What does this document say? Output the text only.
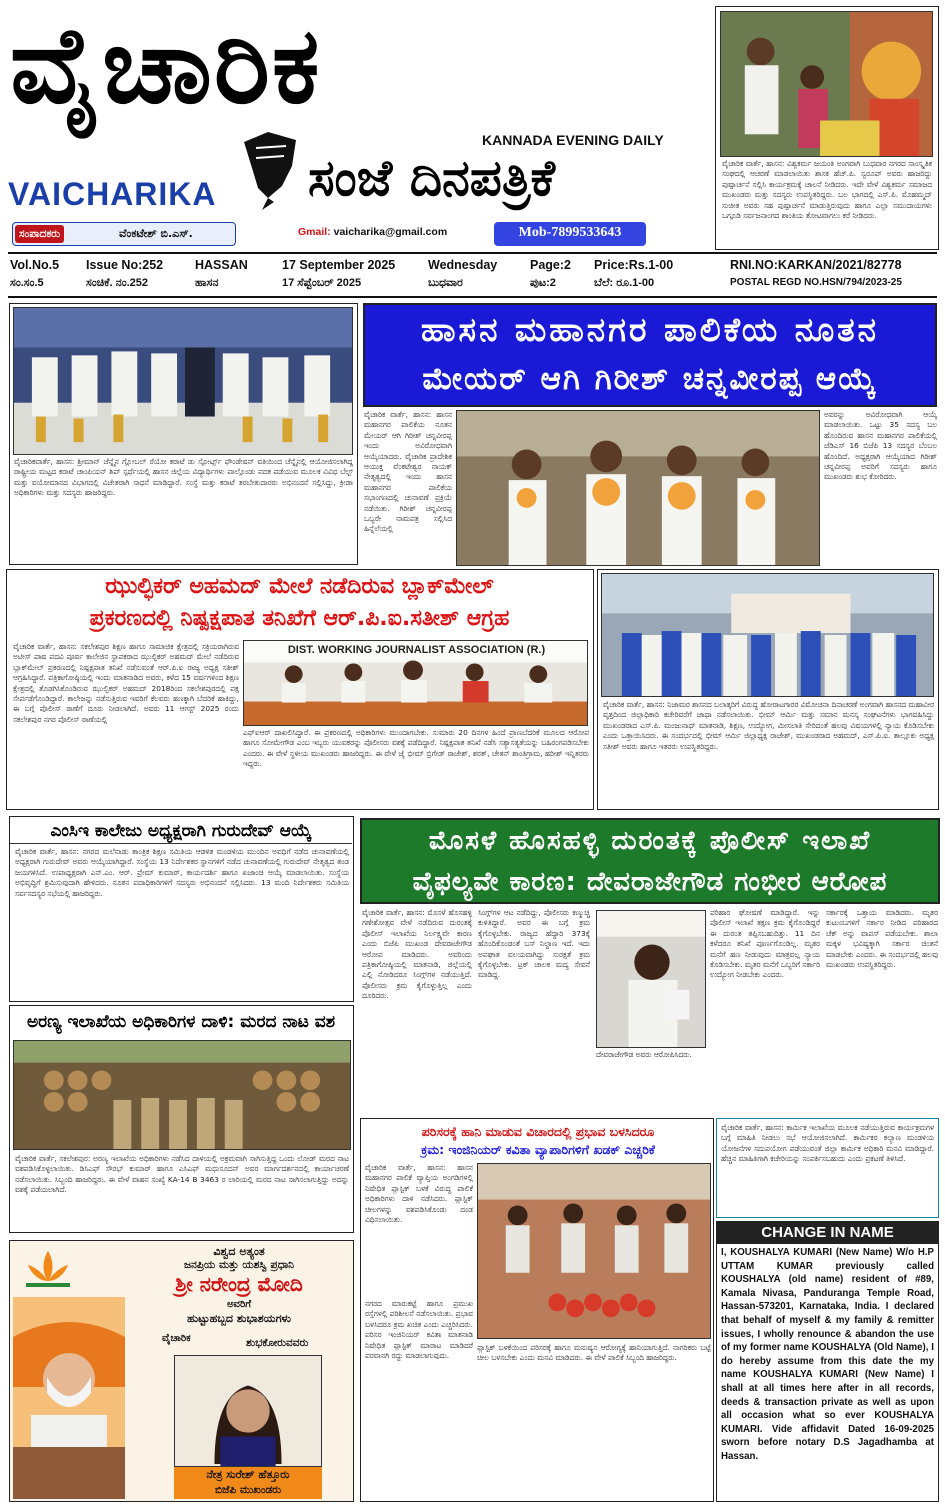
ವೈಚಾರಿಕ
KANNADA EVENING DAILY
VAICHARIKA ಸಂಜೆ ದಿನಪತ್ರಿಕೆ
ಸಂಪಾದಕರು	ವೆಂಕಟೇಶ್ ಬಿ.ಎಸ್.	Gmail: vaicharika@gmail.com	Mob-7899533643
ವೈಚಾರಿಕ ವಾರ್ತೆ, ಹಾಸನ: ವಿಶ್ವಕರ್ಮ ಜಯಂತಿ ಅಂಗವಾಗಿ ಬುಧವಾರ ನಗರದ ಸಾಂಸ್ಕೃತಿಕ ಸಂಘದಲ್ಲಿ ಆಚರಣೆ ಮಾಡಲಾಯಿತು ಶಾಸಕ ಹೆಚ್.ಪಿ. ಸ್ವರೂಪ್ ಅವರು ಹಾಜರಿದ್ದು ಪುಷ್ಪಾರ್ಚನೆ ಸಲ್ಲಿಸಿ ಕಾರ್ಯಕ್ರಮಕ್ಕೆ ಚಾಲನೆ ನೀಡಿದರು. ಇದೇ ವೇಳೆ ವಿಶ್ವಕರ್ಮ ಸಮಾಜದ ಮುಖಂಡರು ಮತ್ತು ಸದಸ್ಯರು ಉಪಸ್ಥಿತರಿದ್ದರು. ಬಲ ಭಾಗದಲ್ಲಿ ಎಸ್.ಪಿ. ಮೊಹಮ್ಮದ್ ಸುಜೀತ ಅವರು ಸಹ ಪುಷ್ಪಾರ್ಚನೆ ಮಾಡುತ್ತಿರುವುದು ಹಾಗೂ ಎಲ್ಲಾ ಸಮುದಾಯಗಳು ಒಗ್ಗೂಡಿ ಸರ್ವಜನಾಂಗದ ಶಾಂತಿಯ ತೋಟವಾಗಲು ಕರೆ ನೀಡಿದರು.
Vol.No.5 Issue No:252	HASSAN	17 September 2025	Wednesday	Page:2 Price:Rs.1-00	RNI.NO:KARKAN/2021/82778
ಸಂ.ಸಂ.5	ಸಂಚಿಕೆ. ನಂ.252	ಹಾಸನ	17 ಸೆಪ್ಟೆಂಬರ್ 2025	ಬುಧವಾರ	ಪುಟ:2	ಬೆಲೆ: ರೂ.1-00	POSTAL REGD NO.HSN/794/2023-25
ವೈಚಾರಿಕವಾರ್ತೆ, ಹಾಸನ: ಶ್ರೀಮಾನ್ ಚೆನ್ನೈನ ಗ್ಲೋಬಲ್ ರೆಯೋ ಕರಾಟೆ ಡು ಸ್ಪೋರ್ಟ್ಸ್ ಫೌಂಡೇಷನ್ ವತಿಯಿಂದ ಚೆನ್ನೈನಲ್ಲಿ ಆಯೋಜಿಸಲಾಗಿದ್ದ ರಾಷ್ಟ್ರೀಯ ಮಟ್ಟದ ಕರಾಟೆ ಚಾಂಪಿಯನ್ ಶಿಪ್ ಸ್ಪರ್ಧೆಯಲ್ಲಿ ಹಾಸನ ಜಿಲ್ಲೆಯ ವಿದ್ಯಾರ್ಥಿಗಳು ಪಾಲ್ಗೊಂಡು ಪದಕ ಪಡೆಯುವ ಮೂಲಕ ವಿವಿಧ ಬೆಲ್ಟ್ ಮತ್ತು ವಯೋಮಾನದ ವಿಭಾಗದಲ್ಲಿ ವಿಜೇತರಾಗಿ ಸಾಧನೆ ಮಾಡಿದ್ದಾರೆ. ಸಂಸ್ಥೆ ಮತ್ತು ಕರಾಟೆ ತರಬೇತುದಾರರು ಅಭಿನಂದನೆ ಸಲ್ಲಿಸಿದ್ದು, ಕ್ರೀಡಾ ಅಧಿಕಾರಿಗಳು ಮತ್ತು ಸದಸ್ಯರು ಹಾಜರಿದ್ದರು.
ಹಾಸನ ಮಹಾನಗರ ಪಾಲಿಕೆಯ ನೂತನ
ಮೇಯರ್ ಆಗಿ ಗಿರೀಶ್ ಚನ್ನವೀರಪ್ಪ ಆಯ್ಕೆ
ವೈಚಾರಿಕ ವಾರ್ತೆ, ಹಾಸನ: ಹಾಸನ ಮಹಾನಗರ ಪಾಲಿಕೆಯ ನೂತನ ಮೇಯರ್ ಆಗಿ ಗಿರೀಶ್ ಚನ್ನವೀರಪ್ಪ ಇಂದು ಅವಿರೋಧವಾಗಿ ಆಯ್ಕೆಯಾದರು. ವೈಚಾರಿಕ ಪ್ರಾದೇಶಿಕ ಆಯುಕ್ತ ವೆಂಕಟೇಶ್ವರ ನಾಯಕ್ ನೇತೃತ್ವದಲ್ಲಿ ಇಂದು ಹಾಸನ ಮಹಾನಗರ ಪಾಲಿಕೆಯ ಸಭಾಂಗಣದಲ್ಲಿ ಚುನಾವಣೆ ಪ್ರಕ್ರಿಯೆ ನಡೆಯಿತು. ಗಿರೀಶ್ ಚನ್ನವೀರಪ್ಪ ಒಬ್ಬರೇ ನಾಮಪತ್ರ ಸಲ್ಲಿಸಿದ ಹಿನ್ನೆಲೆಯಲ್ಲಿ
ಅವರನ್ನು ಅವಿರೋಧವಾಗಿ ಆಯ್ಕೆ ಮಾಡಲಾಯಿತು. ಒಟ್ಟು 35 ಸದಸ್ಯ ಬಲ ಹೊಂದಿರುವ ಹಾಸನ ಮಹಾನಗರ ಪಾಲಿಕೆಯಲ್ಲಿ ಜೆಡಿಎಸ್ 16 ಬಿಜೆಪಿ 13 ಸದಸ್ಯರ ಬೆಂಬಲ ಹೊಂದಿದೆ. ಅಧ್ಯಕ್ಷರಾಗಿ ಆಯ್ಕೆಯಾದ ಗಿರೀಶ್ ಚನ್ನವೀರಪ್ಪ ಅವರಿಗೆ ಸದಸ್ಯರು ಹಾಗೂ ಮುಖಂಡರು ಶುಭ ಕೋರಿದರು.
ಝುಲ್ಫಿಕರ್ ಅಹಮದ್ ಮೇಲೆ ನಡೆದಿರುವ ಬ್ಲಾಕ್‌ಮೇಲ್
ಪ್ರಕರಣದಲ್ಲಿ ನಿಷ್ಪಕ್ಷಪಾತ ತನಿಖೆಗೆ ಆರ್.ಪಿ.ಐ.ಸತೀಶ್ ಆಗ್ರಹ
ವೈಚಾರಿಕ ವಾರ್ತೆ, ಹಾಸನ: ಸಕಲೇಶಪುರ ಶಿಕ್ಷಣ ಹಾಗೂ ಸಾಮಾಜಿಕ ಕ್ಷೇತ್ರದಲ್ಲಿ ಸಕ್ರಿಯರಾಗಿರುವ ಅಟೀಸ್ ಪಾಷ ಪದವಿ ಪೂರ್ವ ಕಾಲೇಜಿನ ಸ್ಥಾಪಕರಾದ ಝುಲ್ಫಿಕರ್ ಅಹಮದ್ ಮೇಲೆ ನಡೆದಿರುವ ಬ್ಲಾಕ್‌ಮೇಲ್ ಪ್ರಕರಣದಲ್ಲಿ ನಿಷ್ಪಕ್ಷಪಾತ ತನಿಖೆ ನಡೆಸುವಂತೆ ಆರ್.ಪಿ.ಐ ರಾಜ್ಯ ಅಧ್ಯಕ್ಷ ಸತೀಶ್ ಆಗ್ರಹಿಸಿದ್ದಾರೆ. ಪತ್ರಿಕಾಗೋಷ್ಠಿಯಲ್ಲಿ ಇಂದು ಮಾತನಾಡಿದ ಅವರು, ಕಳೆದ 15 ವರ್ಷಗಳಿಂದ ಶಿಕ್ಷಣ ಕ್ಷೇತ್ರದಲ್ಲಿ ತೊಡಗಿಸಿಕೊಂಡಿರುವ ಝುಲ್ಫಿಕರ್ ಅಹಮದ್ 2018ರಿಂದ ಸಕಲೇಶಪುರದಲ್ಲಿ ಪಕ್ಷ ಸೇರ್ಪಡೆಗೊಂಡಿದ್ದಾರೆ. ಕಾಲೇಜನ್ನು ನಡೆಸುತ್ತಿರುವ ಇವರಿಗೆ ಕೆಲವರು ಹಣಕ್ಕಾಗಿ ಬೆದರಿಕೆ ಹಾಕಿದ್ದು, ಈ ಬಗ್ಗೆ ಪೊಲೀಸ್ ಠಾಣೆಗೆ ದೂರು ನೀಡಲಾಗಿದೆ. ಅವರು 11 ಆಗಸ್ಟ್ 2025 ರಂದು ಸಕಲೇಶಪುರ ನಗರ ಪೊಲೀಸ್ ಠಾಣೆಯಲ್ಲಿ
DIST. WORKING JOURNALIST ASSOCIATION (R.)
ಎಫ್ಐಆರ್ ದಾಖಲಿಸಿದ್ದಾರೆ. ಈ ಪ್ರಕರಣದಲ್ಲಿ ಅಧಿಕಾರಿಗಳು ಮುಂದಾಗಬೇಕು. ಸುಮಾರು 20 ದಿನಗಳ ಹಿಂದೆ ಪ್ರಾಣಬೆದರಿಕೆ ಮೂಲದ ಆರೋಪ ಹಾಗೂ ಸೋಮೇಗೌಡ ಎಂಬ ಇಬ್ಬರು ಯುವಕರನ್ನು ಪೊಲೀಸರು ವಶಕ್ಕೆ ಪಡೆದಿದ್ದಾರೆ. ನಿಷ್ಪಕ್ಷಪಾತ ತನಿಖೆ ನಡೆಸಿ ಸತ್ಯಾಸತ್ಯತೆಯನ್ನು ಬಹಿರಂಗಪಡಿಸಬೇಕು ಎಂದರು. ಈ ವೇಳೆ ಸ್ಥಳೀಯ ಮುಖಂಡರು ಹಾಜರಿದ್ದರು. ಈ ವೇಳೆ ಜೈ ಭೀಮ್ ಬ್ರಿಗೇಡ್ ರಾಜೇಶ್, ಶರತ್, ಚೇತನ್ ಶಾಂತಿಗ್ರಾಮ, ಹರೀಶ್ ಇನ್ನಿತರರು ಇದ್ದರು.
ವೈಚಾರಿಕ ವಾರ್ತೆ, ಹಾಸನ: ನಿಜಾಮರ ಶಾಸನದ ಬಲಾತ್ಕರಿಗೆ ವಿರುದ್ಧ ಹೋರಾಟಗಾರರ ವಿಮೋಚನಾ ದಿನಾಚರಣೆ ಅಂಗವಾಗಿ ಹಾಸನದ ಮಹಾವೀರ ವೃತ್ತದಿಂದ ಜಿಲ್ಲಾಧಿಕಾರಿ ಕಚೇರಿವರೆಗೆ ಜಾಥಾ ನಡೆಸಲಾಯಿತು. ಭೀಮ್ ಆರ್ಮಿ ಮತ್ತು ಸಮಾನ ಮನಸ್ಕ ಸಂಘಟನೆಗಳು ಭಾಗವಹಿಸಿದ್ದು ಮುಖಂಡರಾದ ಎಸ್.ಪಿ. ಮಂಜುನಾಥ್ ಮಾತನಾಡಿ, ಶಿಕ್ಷಣ, ಉದ್ಯೋಗ, ಮೀಸಲಾತಿ ಸೇರಿದಂತೆ ಹಲವು ವಿಷಯಗಳಲ್ಲಿ ನ್ಯಾಯ ಕೊಡಿಸಬೇಕು ಎಂದು ಒತ್ತಾಯಿಸಿದರು. ಈ ಸಂದರ್ಭದಲ್ಲಿ ಭೀಮ್ ಆರ್ಮಿ ಜಿಲ್ಲಾಧ್ಯಕ್ಷ ರಾಜೇಶ್, ಮುಖಂಡರಾದ ಅಹಮದ್, ಎಸ್.ಪಿ.ಐ. ತಾಲ್ಲೂಕು ಅಧ್ಯಕ್ಷ ಸತೀಶ್ ಅವರು ಹಾಗೂ ಇತರರು ಉಪಸ್ಥಿತರಿದ್ದರು.
ಎಂಸಿಇ ಕಾಲೇಜು ಅಧ್ಯಕ್ಷರಾಗಿ ಗುರುದೇವ್ ಆಯ್ಕೆ
ವೈಚಾರಿಕ ವಾರ್ತೆ, ಹಾಸನ: ನಗರದ ಮಲೆನಾಡು ತಾಂತ್ರಿಕ ಶಿಕ್ಷಣ ಸಮಿತಿಯ ಆಡಳಿತ ಮಂಡಳಿಯ ಮುಂದಿನ ಅವಧಿಗೆ ನಡೆದ ಚುನಾವಣೆಯಲ್ಲಿ ಅಧ್ಯಕ್ಷರಾಗಿ ಗುರುದೇವ್ ಅವರು ಆಯ್ಕೆಯಾಗಿದ್ದಾರೆ. ಸಂಸ್ಥೆಯ 13 ನಿರ್ದೇಶಕರ ಸ್ಥಾನಗಳಿಗೆ ನಡೆದ ಚುನಾವಣೆಯಲ್ಲಿ ಗುರುದೇವ್ ನೇತೃತ್ವದ ತಂಡ ಜಯಗಳಿಸಿದೆ. ಉಪಾಧ್ಯಕ್ಷರಾಗಿ ಎನ್.ಎಂ. ಆರ್. ಪ್ರೇಮ್ ಕುಮಾರ್, ಕಾರ್ಯದರ್ಶಿ ಹಾಗೂ ಖಜಾಂಚಿ ಆಯ್ಕೆ ಮಾಡಲಾಯಿತು. ಸಂಸ್ಥೆಯ ಅಭಿವೃದ್ಧಿಗೆ ಶ್ರಮಿಸುವುದಾಗಿ ಹೇಳಿದರು. ನೂತನ ಪದಾಧಿಕಾರಿಗಳಿಗೆ ಸದಸ್ಯರು ಅಭಿನಂದನೆ ಸಲ್ಲಿಸಿದರು. 13 ಮಂದಿ ನಿರ್ದೇಶಕರು ಸಮಿತಿಯ ಸರ್ವಸದಸ್ಯರ ಸಭೆಯಲ್ಲಿ ಹಾಜರಿದ್ದರು.
ಅರಣ್ಯ ಇಲಾಖೆಯ ಅಧಿಕಾರಿಗಳ ದಾಳಿ: ಮರದ ನಾಟ ವಶ
ವೈಚಾರಿಕ ವಾರ್ತೆ, ಸಕಲೇಶಪುರ: ಅರಣ್ಯ ಇಲಾಖೆಯ ಅಧಿಕಾರಿಗಳು ನಡೆಸಿದ ದಾಳಿಯಲ್ಲಿ ಅಕ್ರಮವಾಗಿ ಸಾಗಿಸುತ್ತಿದ್ದ ಒಂದು ಲೋಡ್ ಮರದ ನಾಟ ವಶಪಡಿಸಿಕೊಳ್ಳಲಾಯಿತು. ಡಿಸಿಎಫ್ ಸೌರಭ್ ಕುಮಾರ್ ಹಾಗೂ ಎಸಿಎಫ್ ಮಧುಸೂದನ್ ಅವರ ಮಾರ್ಗದರ್ಶನದಲ್ಲಿ ಕಾರ್ಯಾಚರಣೆ ನಡೆಸಲಾಯಿತು. ಸಿಬ್ಬಂದಿ ಹಾಜರಿದ್ದರು. ಈ ವೇಳೆ ವಾಹನ ಸಂಖ್ಯೆ KA-14 B 3463 ರ ಲಾರಿಯಲ್ಲಿ ಮರದ ನಾಟ ಸಾಗಿಸಲಾಗುತ್ತಿದ್ದು ಅದನ್ನು ವಶಕ್ಕೆ ಪಡೆಯಲಾಗಿದೆ.
ವಿಶ್ವದ ಅತ್ಯಂತ
ಜನಪ್ರಿಯ ಮತ್ತು ಯಶಸ್ವಿ ಪ್ರಧಾನಿ
ಶ್ರೀ ನರೇಂದ್ರ ಮೋದಿ
ಅವರಿಗೆ
ಹುಟ್ಟುಹಬ್ಬದ ಶುಭಾಶಯಗಳು
ವೈಚಾರಿಕ	ಶುಭಕೋರುವವರು
ನೇತ್ರ ಸುರೇಶ್ ಹೆತ್ತೂರು
ಬಿಜೆಪಿ ಮುಖಂಡರು
ಮೊಸಳೆ ಹೊಸಹಳ್ಳಿ ದುರಂತಕ್ಕೆ ಪೊಲೀಸ್ ಇಲಾಖೆ
ವೈಫಲ್ಯವೇ ಕಾರಣ: ದೇವರಾಜೇಗೌಡ ಗಂಭೀರ ಆರೋಪ
ವೈಚಾರಿಕ ವಾರ್ತೆ, ಹಾಸನ: ಮೊಸಳೆ ಹೊಸಹಳ್ಳಿ ಗಣೇಶೋತ್ಸವ ವೇಳೆ ನಡೆದಿರುವ ದುರಂತಕ್ಕೆ ಪೊಲೀಸ್ ಇಲಾಖೆಯ ನಿರ್ಲಕ್ಷ್ಯವೇ ಕಾರಣ ಎಂದು ಬಿಜೆಪಿ ಮುಖಂಡ ದೇವರಾಜೇಗೌಡ ಆರೋಪ ಮಾಡಿದರು. ಅವರಿಂದು ಪತ್ರಿಕಾಗೋಷ್ಠಿಯಲ್ಲಿ ಮಾತನಾಡಿ, ಜಿಲ್ಲೆಯಲ್ಲಿ ಎಲ್ಲಿ ನೋಡಿದರೂ ಸಿಂಗ್ಲ್‌ಗಳ ನಡೆಯುತ್ತಿದೆ. ಪೊಲೀಸರು ಕ್ರಮ ಕೈಗೊಳ್ಳುತ್ತಿಲ್ಲ ಎಂದು ದೂರಿದರು.
ಸಿಂಗ್ಲ್‌ಗಳ ಆಟ ನಡೆದಿದ್ದು, ಪೊಲೀಸರು ಕಣ್ಮುಚ್ಚಿ ಕುಳಿತಿದ್ದಾರೆ. ಅವರ ಈ ಬಗ್ಗೆ ಕ್ರಮ ಕೈಗೊಳ್ಳಬೇಕು. ರಾಜ್ಯದ ಹೆದ್ದಾರಿ 373ಕ್ಕೆ ಹೊಂದಿಕೊಂಡಂತೆ ಬಸ್ ನಿಲ್ದಾಣ ಇದೆ. ಇದು ಅಪಘಾತ ವಲಯವಾಗಿದ್ದು ಸುರಕ್ಷತೆ ಕ್ರಮ ಕೈಗೊಳ್ಳಬೇಕು. ಟ್ರಕ್ ಚಾಲಕ ಮದ್ಯ ಸೇವನೆ ಮಾಡಿದ್ದ.
ದೇವರಾಜೇಗೌಡ ಅವರು ಆರೋಪಿಸಿದರು.
ಪರಿಹಾರ ಘೋಷಣೆ ಮಾಡಿದ್ದಾರೆ. ಇನ್ನು ಪೊಲೀಸ್ ಇಲಾಖೆ ತಕ್ಷಣ ಕ್ರಮ ಕೈಗೊಂಡಿದ್ದರೆ ಈ ದುರಂತ ತಪ್ಪಿಸಬಹುದಿತ್ತು. 11 ದಿನ ಕಳೆದರೂ ತನಿಖೆ ಪೂರ್ಣಗೊಂಡಿಲ್ಲ. ಮೃತರ ಮನೆಗೆ ಹಣ ನೀಡುವುದು ಮಾತ್ರವಲ್ಲ ನ್ಯಾಯ ಕೊಡಿಸಬೇಕು. ಮೃತರ ಮನೆಗೆ ಒಬ್ಬರಿಗೆ ಸರ್ಕಾರಿ ಉದ್ಯೋಗ ನೀಡಬೇಕು ಎಂದರು.
ಸರ್ಕಾರಕ್ಕೆ ಒತ್ತಾಯ ಮಾಡಿದರು. ಮೃತರ ಕುಟುಂಬಗಳಿಗೆ ಸರ್ಕಾರ ನೀಡಿದ ಪರಿಹಾರದ ಚೆಕ್ ಅನ್ನು ವಾಪಸ್ ಪಡೆಯಬೇಕು. ಶಾಲಾ ಮಕ್ಕಳ ಭವಿಷ್ಯಕ್ಕಾಗಿ ಸರ್ಕಾರ ಚಿಂತನೆ ಮಾಡಬೇಕು ಎಂದರು. ಈ ಸಂದರ್ಭದಲ್ಲಿ ಹಲವು ಮುಖಂಡರು ಉಪಸ್ಥಿತರಿದ್ದರು.
ಪರಿಸರಕ್ಕೆ ಹಾನಿ ಮಾಡುವ ವಿಚಾರದಲ್ಲಿ ಪ್ರಭಾವ ಬಳಸಿದರೂ
ಕ್ರಮ: ಇಂಜಿನಿಯರ್ ಕವಿತಾ ವ್ಯಾಪಾರಿಗಳಿಗೆ ಖಡಕ್ ಎಚ್ಚರಿಕೆ
ವೈಚಾರಿಕ ವಾರ್ತೆ, ಹಾಸನ: ಹಾಸನ ಮಹಾನಗರ ಪಾಲಿಕೆ ವ್ಯಾಪ್ತಿಯ ಅಂಗಡಿಗಳಲ್ಲಿ ನಿಷೇಧಿತ ಪ್ಲಾಸ್ಟಿಕ್ ಬಳಕೆ ವಿರುದ್ಧ ಪಾಲಿಕೆ ಅಧಿಕಾರಿಗಳು ದಾಳಿ ನಡೆಸಿದರು. ಪ್ಲಾಸ್ಟಿಕ್ ಚೀಲಗಳನ್ನು ವಶಪಡಿಸಿಕೊಂಡು ದಂಡ ವಿಧಿಸಲಾಯಿತು.
ನಗರದ ಮಾರುಕಟ್ಟೆ ಹಾಗೂ ಪ್ರಮುಖ ರಸ್ತೆಗಳಲ್ಲಿ ಪರಿಶೀಲನೆ ನಡೆಸಲಾಯಿತು. ಪ್ರಭಾವ ಬಳಸಿದರೂ ಕ್ರಮ ಖಚಿತ ಎಂದು ಎಚ್ಚರಿಸಿದರು. ಪರಿಸರ ಇಂಜಿನಿಯರ್ ಕವಿತಾ ಮಾತನಾಡಿ ನಿಷೇಧಿತ ಪ್ಲಾಸ್ಟಿಕ್ ಮಾರಾಟ ಮಾಡಿದರೆ ಪರವಾನಗಿ ರದ್ದು ಮಾಡಲಾಗುವುದು.
ಪ್ಲಾಸ್ಟಿಕ್ ಬಳಕೆಯಿಂದ ಪರಿಸರಕ್ಕೆ ಹಾಗೂ ಮನುಷ್ಯನ ಆರೋಗ್ಯಕ್ಕೆ ಹಾನಿಯಾಗುತ್ತಿದೆ. ನಾಗರಿಕರು ಬಟ್ಟೆ ಚೀಲ ಬಳಸಬೇಕು ಎಂದು ಮನವಿ ಮಾಡಿದರು. ಈ ವೇಳೆ ಪಾಲಿಕೆ ಸಿಬ್ಬಂದಿ ಹಾಜರಿದ್ದರು.
ವೈಚಾರಿಕ ವಾರ್ತೆ, ಹಾಸನ: ಕಾರ್ಮಿಕ ಇಲಾಖೆಯ ಮೂಲಕ ನಡೆಯುತ್ತಿರುವ ಕಾರ್ಯಕ್ರಮಗಳ ಬಗ್ಗೆ ಮಾಹಿತಿ ನೀಡಲು ಸಭೆ ಆಯೋಜಿಸಲಾಗಿದೆ. ಕಾರ್ಮಿಕರ ಕಲ್ಯಾಣ ಮಂಡಳಿಯ ಯೋಜನೆಗಳ ಸದುಪಯೋಗ ಪಡೆಯುವಂತೆ ಜಿಲ್ಲಾ ಕಾರ್ಮಿಕ ಅಧಿಕಾರಿ ಮನವಿ ಮಾಡಿದ್ದಾರೆ. ಹೆಚ್ಚಿನ ಮಾಹಿತಿಗಾಗಿ ಕಚೇರಿಯನ್ನು ಸಂಪರ್ಕಿಸಬಹುದು ಎಂದು ಪ್ರಕಟಣೆ ತಿಳಿಸಿದೆ.
CHANGE IN NAME
I, KOUSHALYA KUMARI (New Name) W/o H.P UTTAM KUMAR previously called KOUSHALYA (old name) resident of #89, Kamala Nivasa, Panduranga Temple Road, Hassan-573201, Karnataka, India. I declared that behalf of myself & my family & remitter issues, I wholly renounce & abandon the use of my former name KOUSHALYA (Old Name), I do hereby assume from this date the my name KOUSHALYA KUMARI (New Name) I shall at all times here after in all records, deeds & transaction private as well as upon all occasion what so ever KOUSHALYA KUMARI. Vide affidavit Dated 16-09-2025 sworn before notary D.S Jagadhamba at Hassan.
